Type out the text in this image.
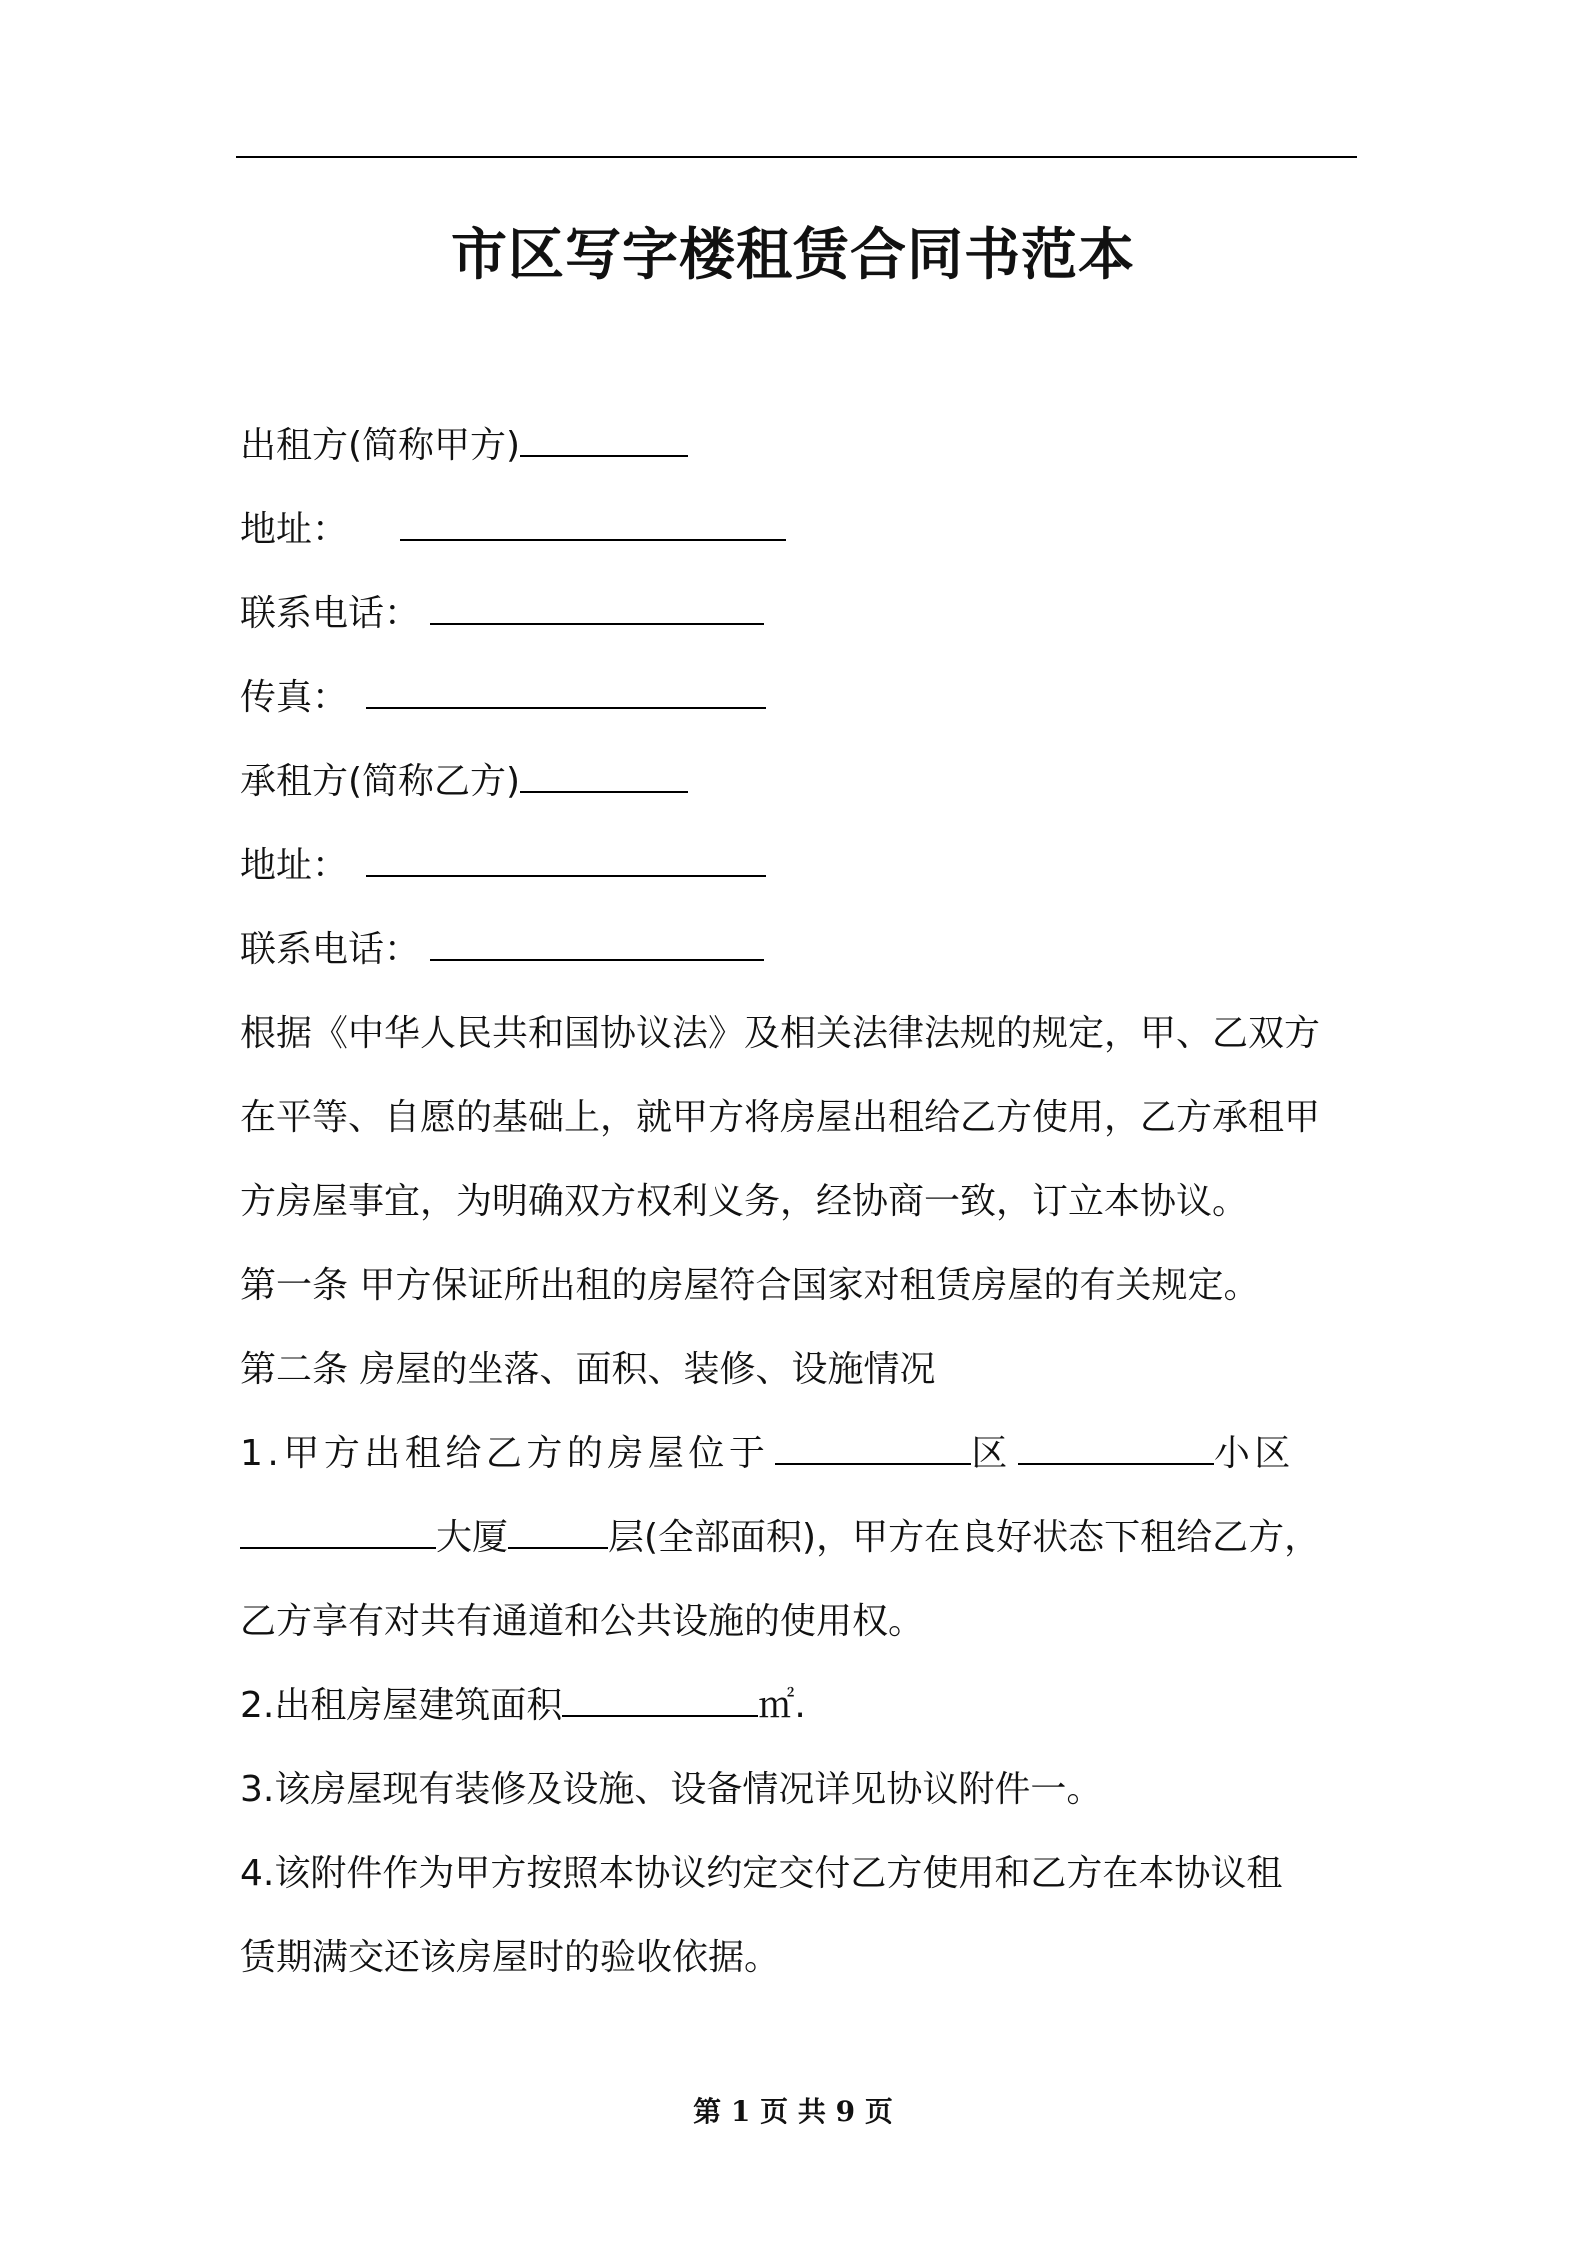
市区写字楼租赁合同书范本
出租方(简称甲方)
地址：
联系电话：
传真：
承租方(简称乙方)
地址：
联系电话：
根据《中华人民共和国协议法》及相关法律法规的规定，甲、乙双方
在平等、自愿的基础上，就甲方将房屋出租给乙方使用，乙方承租甲
方房屋事宜，为明确双方权利义务，经协商一致，订立本协议。
第一条 甲方保证所出租的房屋符合国家对租赁房屋的有关规定。
第二条 房屋的坐落、面积、装修、设施情况
1.甲方出租给乙方的房屋位于	区	小区
大厦	层(全部面积)，甲方在良好状态下租给乙方，
乙方享有对共有通道和公共设施的使用权。
2.出租房屋建筑面积	㎡.
3.该房屋现有装修及设施、设备情况详见协议附件一。
4.该附件作为甲方按照本协议约定交付乙方使用和乙方在本协议租
赁期满交还该房屋时的验收依据。
第 1 页 共 9 页
